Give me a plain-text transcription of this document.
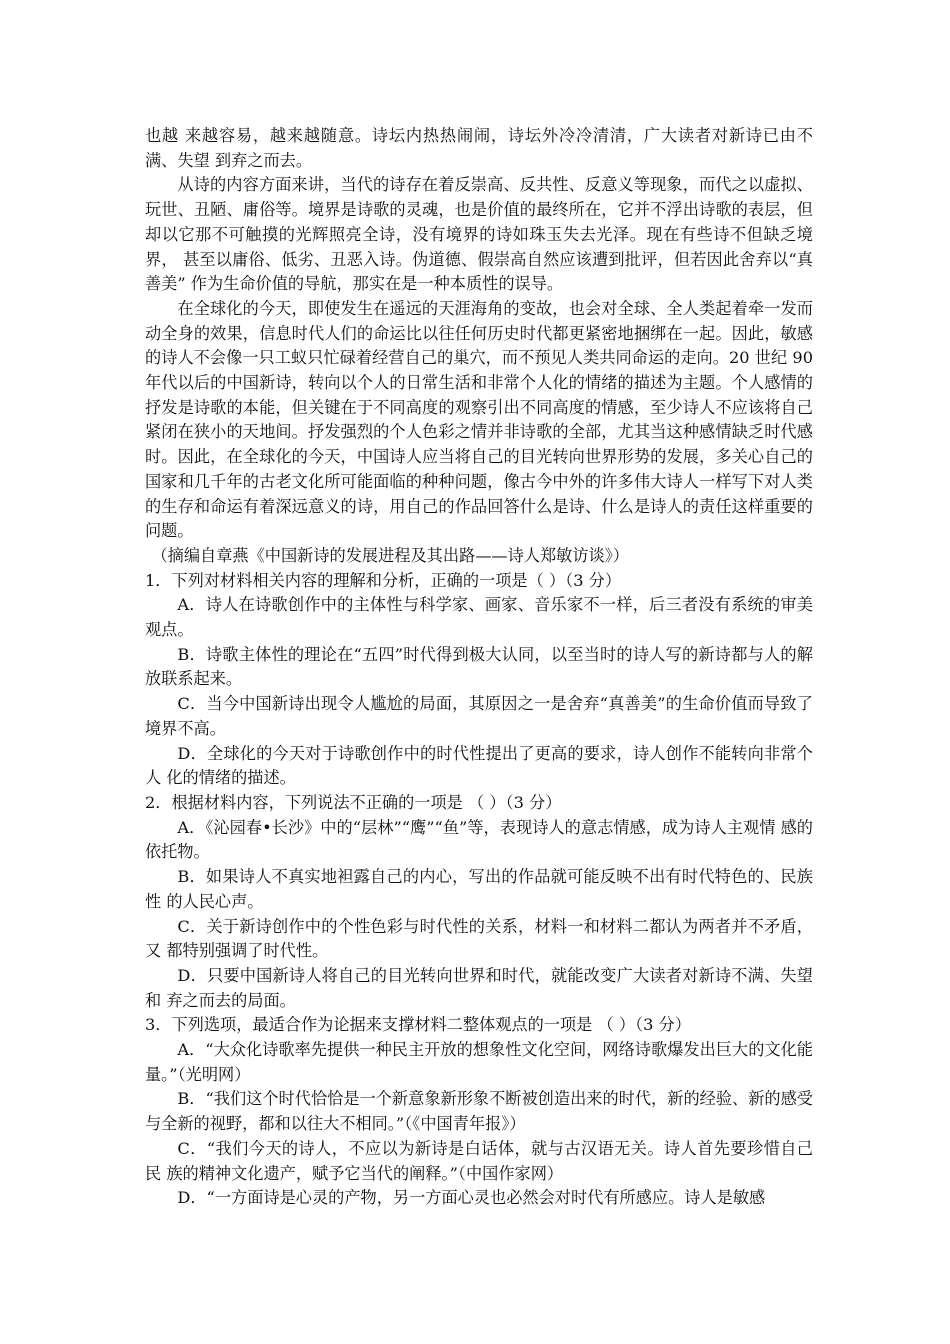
也越 来越容易，越来越随意。诗坛内热热闹闹，诗坛外冷冷清清，广大读者对新诗已由不满、失望 到弃之而去。

从诗的内容方面来讲，当代的诗存在着反崇高、反共性、反意义等现象，而代之以虚拟、 玩世、丑陋、庸俗等。境界是诗歌的灵魂，也是价值的最终所在，它并不浮出诗歌的表层，但 却以它那不可触摸的光辉照亮全诗，没有境界的诗如珠玉失去光泽。现在有些诗不但缺乏境界， 甚至以庸俗、低劣、丑恶入诗。伪道德、假崇高自然应该遭到批评，但若因此舍弃以“真善美” 作为生命价值的导航，那实在是一种本质性的误导。

在全球化的今天，即使发生在遥远的天涯海角的变故，也会对全球、全人类起着牵一发而 动全身的效果，信息时代人们的命运比以往任何历史时代都更紧密地捆绑在一起。因此，敏感 的诗人不会像一只工蚁只忙碌着经营自己的巢穴，而不预见人类共同命运的走向。20 世纪 90 年代以后的中国新诗，转向以个人的日常生活和非常个人化的情绪的描述为主题。个人感情的 抒发是诗歌的本能，但关键在于不同高度的观察引出不同高度的情感，至少诗人不应该将自己 紧闭在狭小的天地间。抒发强烈的个人色彩之情并非诗歌的全部，尤其当这种感情缺乏时代感 时。因此，在全球化的今天，中国诗人应当将自己的目光转向世界形势的发展，多关心自己的 国家和几千年的古老文化所可能面临的种种问题，像古今中外的许多伟大诗人一样写下对人类 的生存和命运有着深远意义的诗，用自己的作品回答什么是诗、什么是诗人的责任这样重要的 问题。

（摘编自章燕《中国新诗的发展进程及其出路——诗人郑敏访谈》）

1．下列对材料相关内容的理解和分析，正确的一项是（ ）（3 分）

A．诗人在诗歌创作中的主体性与科学家、画家、音乐家不一样，后三者没有系统的审美观点。

B．诗歌主体性的理论在“五四”时代得到极大认同，以至当时的诗人写的新诗都与人的解 放联系起来。

C．当今中国新诗出现令人尴尬的局面，其原因之一是舍弃“真善美”的生命价值而导致了 境界不高。

D．全球化的今天对于诗歌创作中的时代性提出了更高的要求，诗人创作不能转向非常个人 化的情绪的描述。

2．根据材料内容，下列说法不正确的一项是 （ ）（3 分）

A．《沁园春•长沙》中的“层林”“鹰”“鱼”等，表现诗人的意志情感，成为诗人主观情 感的依托物。

B．如果诗人不真实地袒露自己的内心，写出的作品就可能反映不出有时代特色的、民族性 的人民心声。

C．关于新诗创作中的个性色彩与时代性的关系，材料一和材料二都认为两者并不矛盾，又 都特别强调了时代性。

D．只要中国新诗人将自己的目光转向世界和时代，就能改变广大读者对新诗不满、失望和 弃之而去的局面。

3．下列选项，最适合作为论据来支撑材料二整体观点的一项是 （ ）（3 分）

A．“大众化诗歌率先提供一种民主开放的想象性文化空间，网络诗歌爆发出巨大的文化能 量。”（光明网）

B．“我们这个时代恰恰是一个新意象新形象不断被创造出来的时代，新的经验、新的感受 与全新的视野，都和以往大不相同。”（《中国青年报》）

C．“我们今天的诗人，不应以为新诗是白话体，就与古汉语无关。诗人首先要珍惜自己民 族的精神文化遗产，赋予它当代的阐释。”（中国作家网）

D．“一方面诗是心灵的产物，另一方面心灵也必然会对时代有所感应。诗人是敏感
